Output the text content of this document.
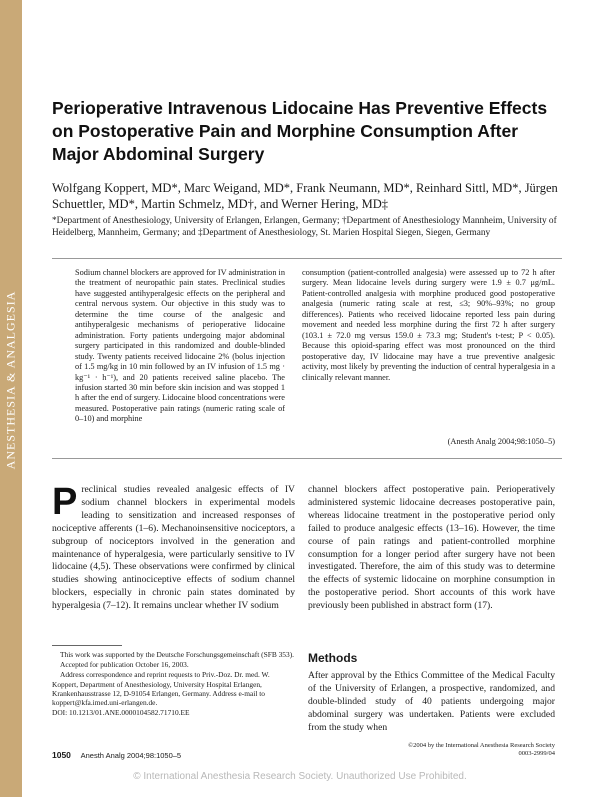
ANESTHESIA & ANALGESIA
Perioperative Intravenous Lidocaine Has Preventive Effects on Postoperative Pain and Morphine Consumption After Major Abdominal Surgery
Wolfgang Koppert, MD*, Marc Weigand, MD*, Frank Neumann, MD*, Reinhard Sittl, MD*, Jürgen Schuettler, MD*, Martin Schmelz, MD†, and Werner Hering, MD‡
*Department of Anesthesiology, University of Erlangen, Erlangen, Germany; †Department of Anesthesiology Mannheim, University of Heidelberg, Mannheim, Germany; and ‡Department of Anesthesiology, St. Marien Hospital Siegen, Siegen, Germany
Sodium channel blockers are approved for IV administration in the treatment of neuropathic pain states. Preclinical studies have suggested antihyperalgesic effects on the peripheral and central nervous system. Our objective in this study was to determine the time course of the analgesic and antihyperalgesic mechanisms of perioperative lidocaine administration. Forty patients undergoing major abdominal surgery participated in this randomized and double-blinded study. Twenty patients received lidocaine 2% (bolus injection of 1.5 mg/kg in 10 min followed by an IV infusion of 1.5 mg · kg⁻¹ · h⁻¹), and 20 patients received saline placebo. The infusion started 30 min before skin incision and was stopped 1 h after the end of surgery. Lidocaine blood concentrations were measured. Postoperative pain ratings (numeric rating scale of 0–10) and morphine
consumption (patient-controlled analgesia) were assessed up to 72 h after surgery. Mean lidocaine levels during surgery were 1.9 ± 0.7 μg/mL. Patient-controlled analgesia with morphine produced good postoperative analgesia (numeric rating scale at rest, ≤3; 90%–93%; no group differences). Patients who received lidocaine reported less pain during movement and needed less morphine during the first 72 h after surgery (103.1 ± 72.0 mg versus 159.0 ± 73.3 mg; Student's t-test; P < 0.05). Because this opioid-sparing effect was most pronounced on the third postoperative day, IV lidocaine may have a true preventive analgesic activity, most likely by preventing the induction of central hyperalgesia in a clinically relevant manner.
(Anesth Analg 2004;98:1050–5)
Preclinical studies revealed analgesic effects of IV sodium channel blockers in experimental models leading to sensitization and increased responses of nociceptive afferents (1–6). Mechanoinsensitive nociceptors, a subgroup of nociceptors involved in the generation and maintenance of hyperalgesia, were particularly sensitive to IV lidocaine (4,5). These observations were confirmed by clinical studies showing antinociceptive effects of sodium channel blockers, especially in chronic pain states dominated by hyperalgesia (7–12). It remains unclear whether IV sodium
channel blockers affect postoperative pain. Perioperatively administered systemic lidocaine decreases postoperative pain, whereas lidocaine treatment in the postoperative period only failed to produce analgesic effects (13–16). However, the time course of pain ratings and patient-controlled morphine consumption for a longer period after surgery have not been investigated. Therefore, the aim of this study was to determine the effects of systemic lidocaine on morphine consumption in the postoperative period. Short accounts of this work have previously been published in abstract form (17).

This work was supported by the Deutsche Forschungsgemeinschaft (SFB 353).

Accepted for publication October 16, 2003.

Address correspondence and reprint requests to Priv.-Doz. Dr. med. W. Koppert, Department of Anesthesiology, University Hospital Erlangen, Krankenhausstrasse 12, D-91054 Erlangen, Germany. Address e-mail to koppert@kfa.imed.uni-erlangen.de.

DOI: 10.1213/01.ANE.0000104582.71710.EE

Methods
After approval by the Ethics Committee of the Medical Faculty of the University of Erlangen, a prospective, randomized, and double-blinded study of 40 patients undergoing major abdominal surgery was undertaken. Patients were excluded from the study when
1050 Anesth Analg 2004;98:1050–5
©2004 by the International Anesthesia Research Society
0003-2999/04
© International Anesthesia Research Society. Unauthorized Use Prohibited.
